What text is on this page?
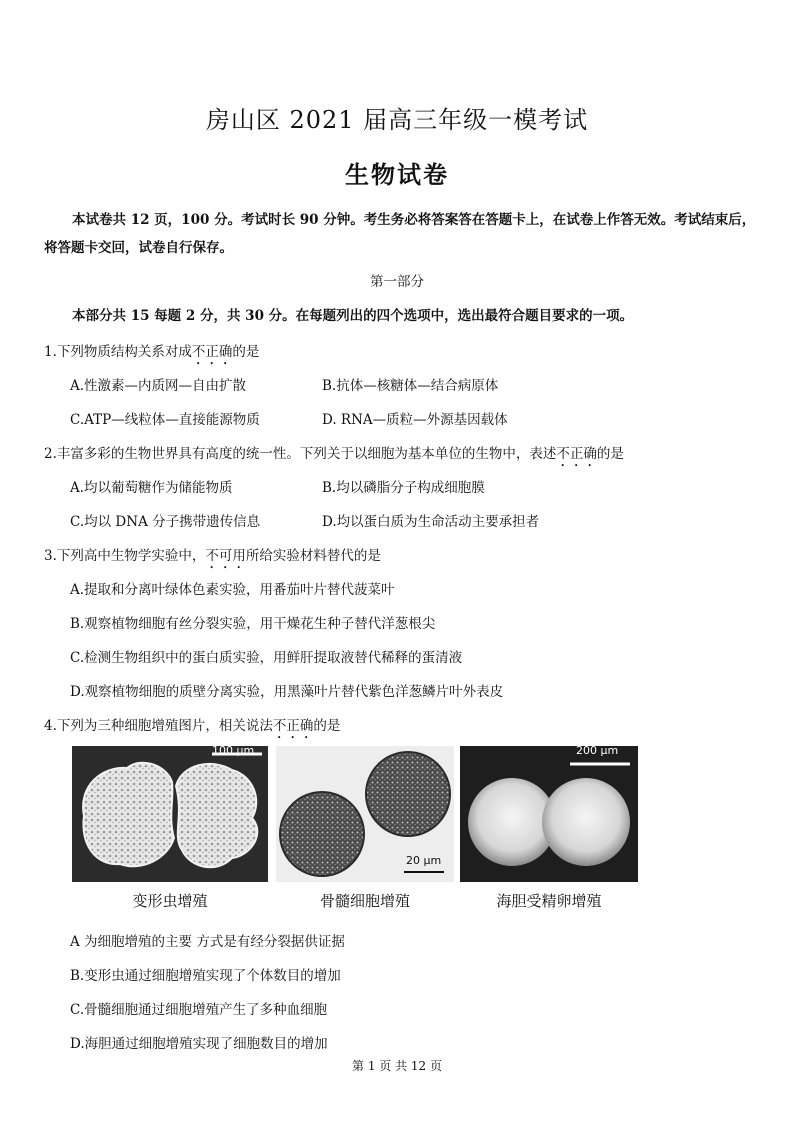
房山区 2021 届高三年级一模考试
生物试卷
本试卷共 12 页，100 分。考试时长 90 分钟。考生务必将答案答在答题卡上，在试卷上作答无效。考试结束后，
将答题卡交回，试卷自行保存。
第一部分
本部分共 15 每题 2 分，共 30 分。在每题列出的四个选项中，选出最符合题目要求的一项。
1.下列物质结构关系对成不正确的是
A.性激素—内质网—自由扩散	B.抗体—核糖体—结合病原体
C.ATP—线粒体—直接能源物质	D. RNA—质粒—外源基因载体
2.丰富多彩的生物世界具有高度的统一性。下列关于以细胞为基本单位的生物中，表述不正确的是
A.均以葡萄糖作为储能物质	B.均以磷脂分子构成细胞膜
C.均以 DNA 分子携带遗传信息	D.均以蛋白质为生命活动主要承担者
3.下列高中生物学实验中，不可用所给实验材料替代的是
A.提取和分离叶绿体色素实验，用番茄叶片替代菠菜叶
B.观察植物细胞有丝分裂实验，用干燥花生种子替代洋葱根尖
C.检测生物组织中的蛋白质实验，用鲜肝提取液替代稀释的蛋清液
D.观察植物细胞的质壁分离实验，用黑藻叶片替代紫色洋葱鳞片叶外表皮
4.下列为三种细胞增殖图片，相关说法不正确的是
100 μm
20 μm
200 μm
变形虫增殖	骨髓细胞增殖	海胆受精卵增殖
A 为细胞增殖的主要 方式是有经分裂据供证据
B.变形虫通过细胞增殖实现了个体数目的增加
C.骨髓细胞通过细胞增殖产生了多种血细胞
D.海胆通过细胞增殖实现了细胞数目的增加
第 1 页 共 12 页
